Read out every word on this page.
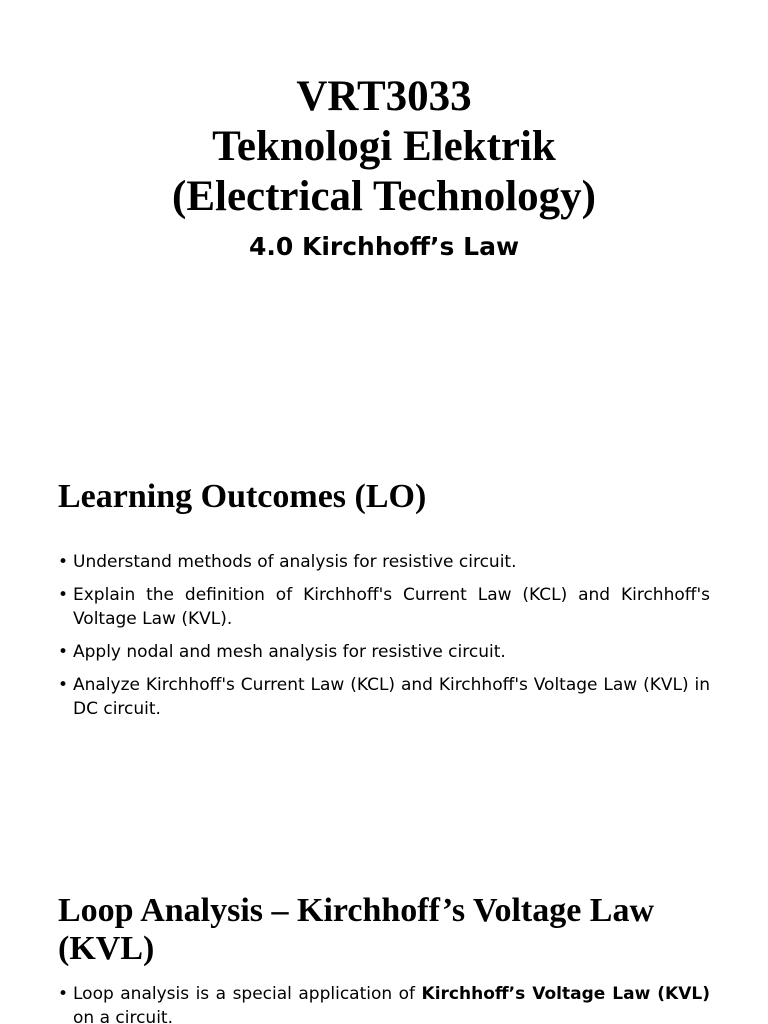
VRT3033
Teknologi Elektrik
(Electrical Technology)
4.0 Kirchhoff’s Law
Learning Outcomes (LO)
• Understand methods of analysis for resistive circuit.
• Explain the definition of Kirchhoff's Current Law (KCL) and Kirchhoff's Voltage Law (KVL).
• Apply nodal and mesh analysis for resistive circuit.
• Analyze Kirchhoff's Current Law (KCL) and Kirchhoff's Voltage Law (KVL) in DC circuit.
Loop Analysis – Kirchhoff’s Voltage Law (KVL)
• Loop analysis is a special application of Kirchhoff’s Voltage Law (KVL) on a circuit.
